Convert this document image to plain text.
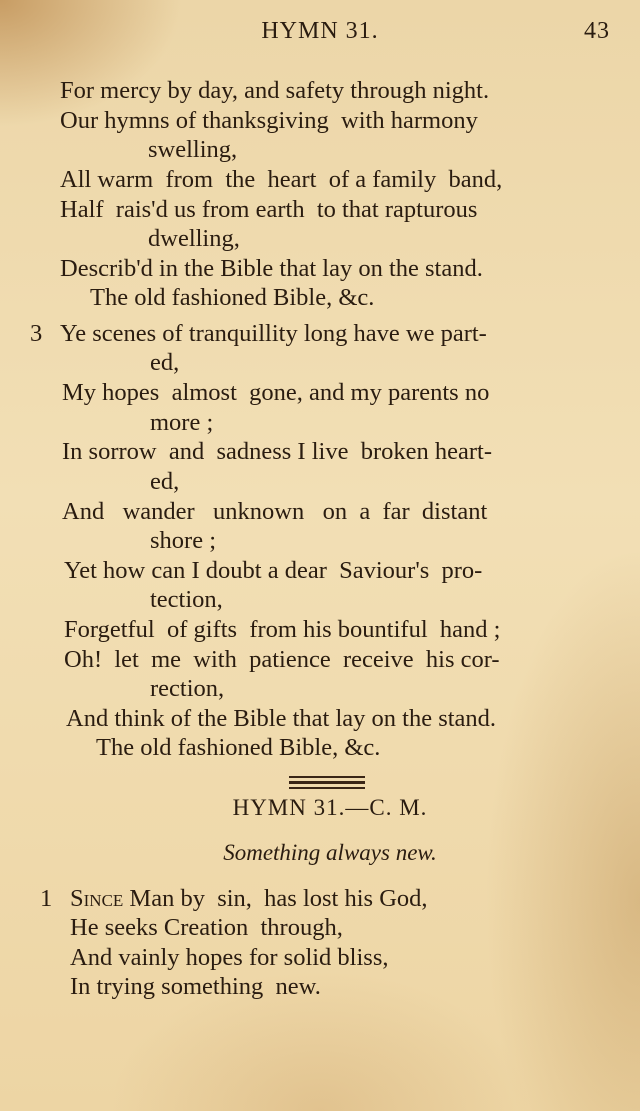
HYMN 31.	43
For mercy by day, and safety through night.
Our hymns of thanksgiving  with harmony
swelling,
All warm  from  the  heart  of a family  band,
Half  rais'd us from earth  to that rapturous
dwelling,
Describ'd in the Bible that lay on the stand.
The old fashioned Bible, &c.
3 Ye scenes of tranquillity long have we part-
ed,
My hopes  almost  gone, and my parents no
more ;
In sorrow  and  sadness I live  broken heart-
ed,
And   wander   unknown   on  a  far  distant
shore ;
Yet how can I doubt a dear  Saviour's  pro-
tection,
Forgetful  of gifts  from his bountiful  hand ;
Oh!  let  me  with  patience  receive  his cor-
rection,
And think of the Bible that lay on the stand.
The old fashioned Bible, &c.
HYMN 31.—C. M.
Something always new.
1 Since Man by  sin,  has lost his God,
He seeks Creation  through,
And vainly hopes for solid bliss,
In trying something  new.
